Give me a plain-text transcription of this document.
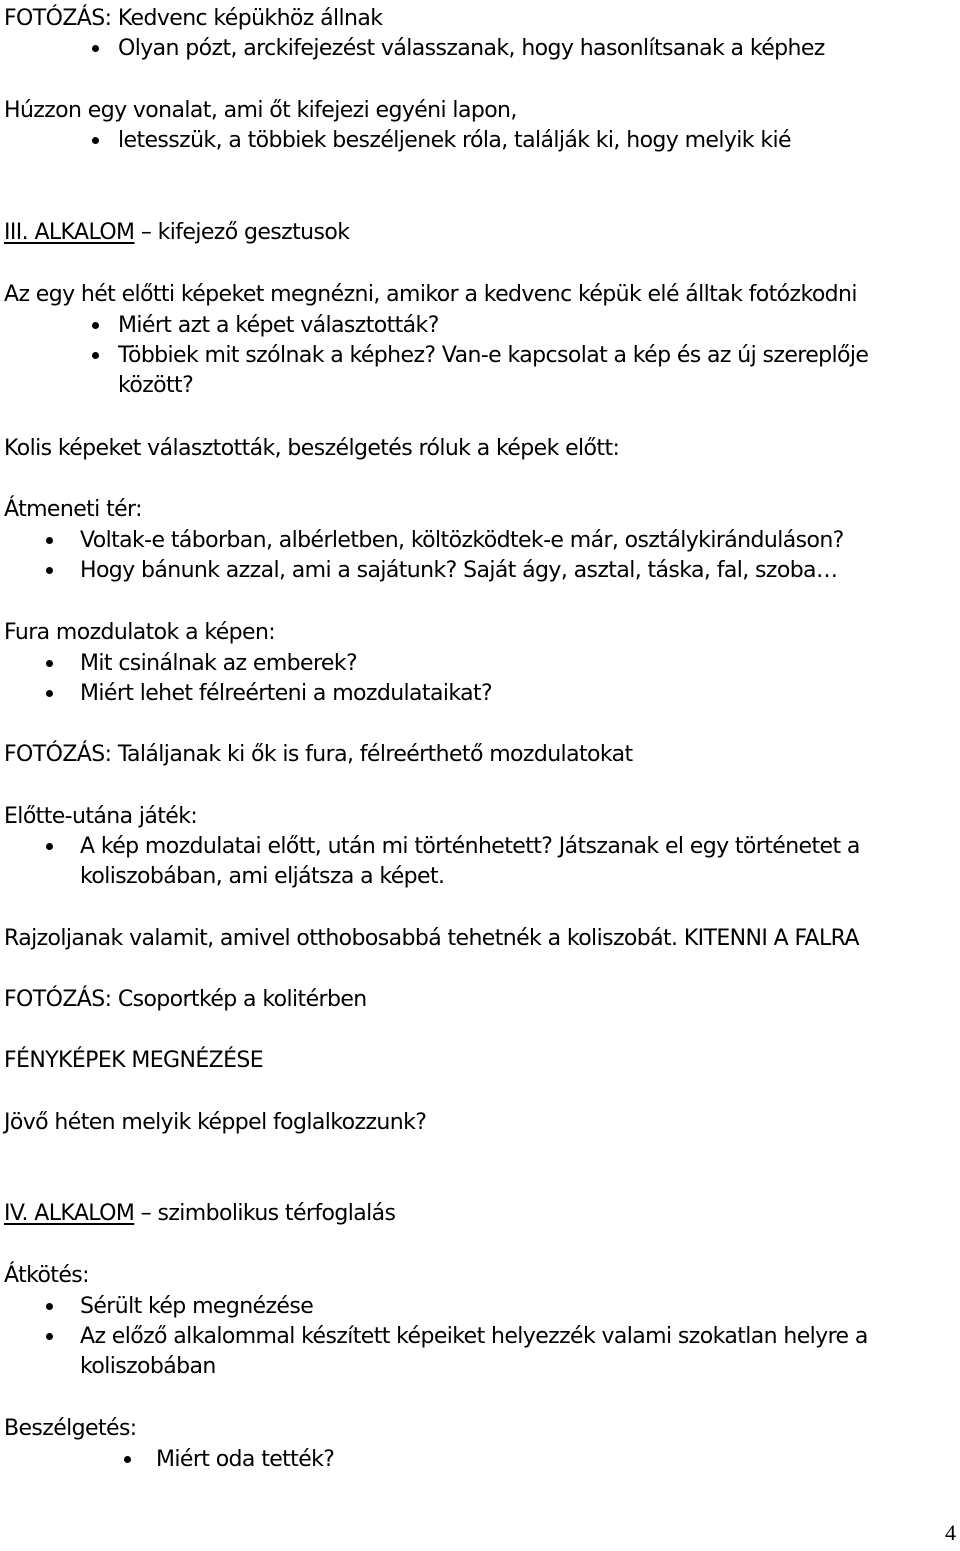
FOTÓZÁS: Kedvenc képükhöz állnak
Olyan pózt, arckifejezést válasszanak, hogy hasonlítsanak a képhez
Húzzon egy vonalat, ami őt kifejezi egyéni lapon,
letesszük, a többiek beszéljenek róla, találják ki, hogy melyik kié
III. ALKALOM – kifejező gesztusok
Az egy hét előtti képeket megnézni, amikor a kedvenc képük elé álltak fotózkodni
Miért azt a képet választották?
Többiek mit szólnak a képhez? Van-e kapcsolat a kép és az új szereplője
között?
Kolis képeket választották, beszélgetés róluk a képek előtt:
Átmeneti tér:
Voltak-e táborban, albérletben, költözködtek-e már, osztálykiránduláson?
Hogy bánunk azzal, ami a sajátunk? Saját ágy, asztal, táska, fal, szoba…
Fura mozdulatok a képen:
Mit csinálnak az emberek?
Miért lehet félreérteni a mozdulataikat?
FOTÓZÁS: Találjanak ki ők is fura, félreérthető mozdulatokat
Előtte-utána játék:
A kép mozdulatai előtt, után mi történhetett? Játszanak el egy történetet a
koliszobában, ami eljátsza a képet.
Rajzoljanak valamit, amivel otthobosabbá tehetnék a koliszobát. KITENNI A FALRA
FOTÓZÁS: Csoportkép a kolitérben
FÉNYKÉPEK MEGNÉZÉSE
Jövő héten melyik képpel foglalkozzunk?
IV. ALKALOM – szimbolikus térfoglalás
Átkötés:
Sérült kép megnézése
Az előző alkalommal készített képeiket helyezzék valami szokatlan helyre a
koliszobában
Beszélgetés:
Miért oda tették?
4
